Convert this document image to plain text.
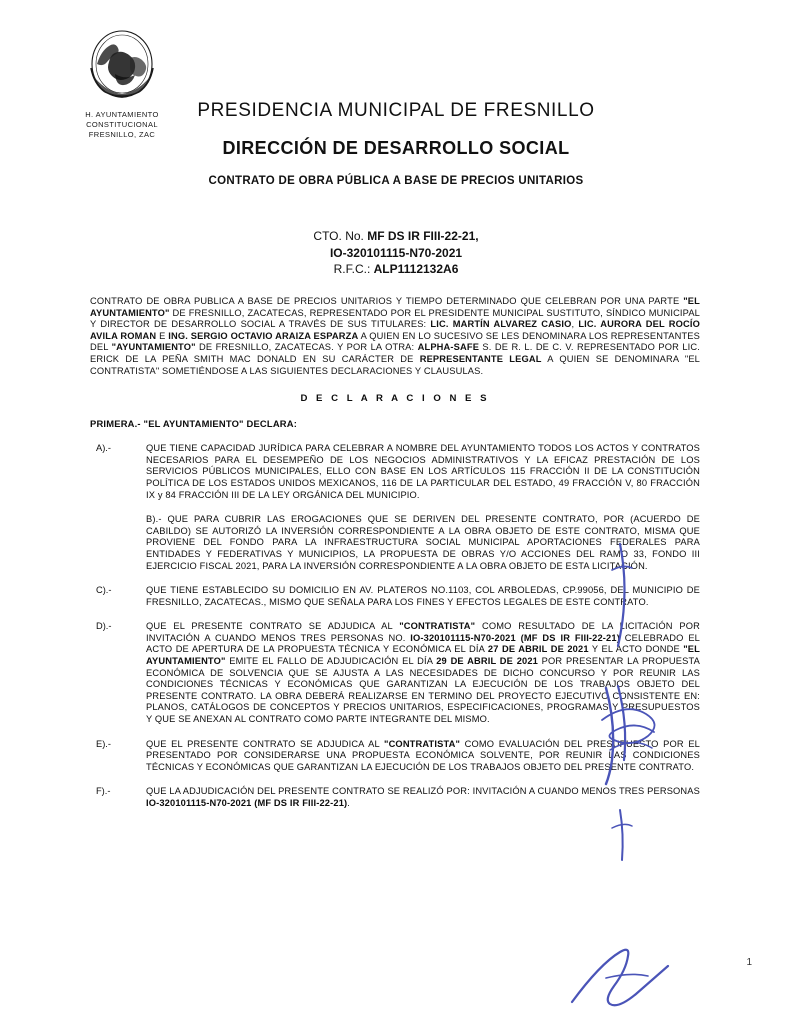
H. AYUNTAMIENTO
CONSTITUCIONAL
FRESNILLO, ZAC
PRESIDENCIA MUNICIPAL DE FRESNILLO
DIRECCIÓN DE DESARROLLO SOCIAL
CONTRATO DE OBRA PÚBLICA A BASE DE PRECIOS UNITARIOS
CTO. No. MF DS IR FIII-22-21,
IO-320101115-N70-2021
R.F.C.: ALP1112132A6

CONTRATO DE OBRA PUBLICA A BASE DE PRECIOS UNITARIOS Y TIEMPO DETERMINADO QUE CELEBRAN POR UNA PARTE "EL AYUNTAMIENTO" DE FRESNILLO, ZACATECAS, REPRESENTADO POR EL PRESIDENTE MUNICIPAL SUSTITUTO, SÍNDICO MUNICIPAL Y DIRECTOR DE DESARROLLO SOCIAL A TRAVÉS DE SUS TITULARES: LIC. MARTÍN ALVAREZ CASIO, LIC. AURORA DEL ROCÍO AVILA ROMAN E ING. SERGIO OCTAVIO ARAIZA ESPARZA A QUIEN EN LO SUCESIVO SE LES DENOMINARA LOS REPRESENTANTES DEL "AYUNTAMIENTO" DE FRESNILLO, ZACATECAS. Y POR LA OTRA: ALPHA-SAFE S. DE R. L. DE C. V. REPRESENTADO POR LIC. ERICK DE LA PEÑA SMITH MAC DONALD EN SU CARÁCTER DE REPRESENTANTE LEGAL A QUIEN SE DENOMINARA "EL CONTRATISTA" SOMETIÉNDOSE A LAS SIGUIENTES DECLARACIONES Y CLAUSULAS.

D E C L A R A C I O N E S
PRIMERA.- "EL AYUNTAMIENTO" DECLARA:
A).-	QUE TIENE CAPACIDAD JURÍDICA PARA CELEBRAR A NOMBRE DEL AYUNTAMIENTO TODOS LOS ACTOS Y CONTRATOS NECESARIOS PARA EL DESEMPEÑO DE LOS NEGOCIOS ADMINISTRATIVOS Y LA EFICAZ PRESTACIÓN DE LOS SERVICIOS PÚBLICOS MUNICIPALES, ELLO CON BASE EN LOS ARTÍCULOS 115 FRACCIÓN II DE LA CONSTITUCIÓN POLÍTICA DE LOS ESTADOS UNIDOS MEXICANOS, 116 DE LA PARTICULAR DEL ESTADO, 49 FRACCIÓN V, 80 FRACCIÓN IX y 84 FRACCIÓN III DE LA LEY ORGÁNICA DEL MUNICIPIO.

B).- QUE PARA CUBRIR LAS EROGACIONES QUE SE DERIVEN DEL PRESENTE CONTRATO, POR (ACUERDO DE CABILDO) SE AUTORIZÓ LA INVERSIÓN CORRESPONDIENTE A LA OBRA OBJETO DE ESTE CONTRATO, MISMA QUE PROVIENE DEL FONDO PARA LA INFRAESTRUCTURA SOCIAL MUNICIPAL APORTACIONES FEDERALES PARA ENTIDADES Y FEDERATIVAS Y MUNICIPIOS, LA PROPUESTA DE OBRAS Y/O ACCIONES DEL RAMO 33, FONDO III EJERCICIO FISCAL 2021, PARA LA INVERSIÓN CORRESPONDIENTE A LA OBRA OBJETO DE ESTA LICITACIÓN.

C).-	QUE TIENE ESTABLECIDO SU DOMICILIO EN AV. PLATEROS NO.1103, COL ARBOLEDAS, CP.99056, DEL MUNICIPIO DE FRESNILLO, ZACATECAS., MISMO QUE SEÑALA PARA LOS FINES Y EFECTOS LEGALES DE ESTE CONTRATO.

D).-	QUE EL PRESENTE CONTRATO SE ADJUDICA AL "CONTRATISTA" COMO RESULTADO DE LA LICITACIÓN POR INVITACIÓN A CUANDO MENOS TRES PERSONAS NO. IO-320101115-N70-2021 (MF DS IR FIII-22-21) CELEBRADO EL ACTO DE APERTURA DE LA PROPUESTA TÉCNICA Y ECONÓMICA EL DÍA 27 DE ABRIL DE 2021 Y EL ACTO DONDE "EL AYUNTAMIENTO" EMITE EL FALLO DE ADJUDICACIÓN EL DÍA 29 DE ABRIL DE 2021 POR PRESENTAR LA PROPUESTA ECONÓMICA DE SOLVENCIA QUE SE AJUSTA A LAS NECESIDADES DE DICHO CONCURSO Y POR REUNIR LAS CONDICIONES TÉCNICAS Y ECONÓMICAS QUE GARANTIZAN LA EJECUCIÓN DE LOS TRABAJOS OBJETO DEL PRESENTE CONTRATO. LA OBRA DEBERÁ REALIZARSE EN TERMINO DEL PROYECTO EJECUTIVO CONSISTENTE EN: PLANOS, CATÁLOGOS DE CONCEPTOS Y PRECIOS UNITARIOS, ESPECIFICACIONES, PROGRAMAS Y PRESUPUESTOS Y QUE SE ANEXAN AL CONTRATO COMO PARTE INTEGRANTE DEL MISMO.

E).-	QUE EL PRESENTE CONTRATO SE ADJUDICA AL "CONTRATISTA" COMO EVALUACIÓN DEL PRESUPUESTO POR EL PRESENTADO POR CONSIDERARSE UNA PROPUESTA ECONÓMICA SOLVENTE, POR REUNIR LAS CONDICIONES TÉCNICAS Y ECONÓMICAS QUE GARANTIZAN LA EJECUCIÓN DE LOS TRABAJOS OBJETO DEL PRESENTE CONTRATO.

F).-	QUE LA ADJUDICACIÓN DEL PRESENTE CONTRATO SE REALIZÓ POR: INVITACIÓN A CUANDO MENOS TRES PERSONAS IO-320101115-N70-2021 (MF DS IR FIII-22-21).

1
